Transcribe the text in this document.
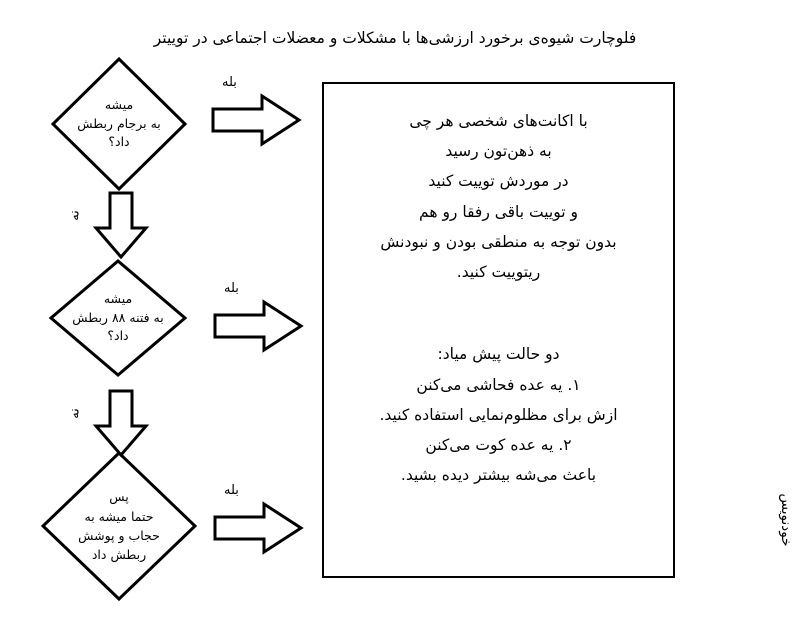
فلوچارت شیوه‌ی برخورد ارزشی‌ها با مشکلات و معضلات اجتماعی در توییتر
میشه
به برجام ربطش
داد؟
میشه
به فتنه ۸۸ ربطش
داد؟
پس
حتما میشه به
حجاب و پوشش
ربطش داد
بله
بله
بله
نه
نه
با اکانت‌های شخصی هر چی
به ذهن‌تون رسید
در موردش توییت کنید
و توییت باقی رفقا رو هم
بدون توجه به منطقی بودن و نبودنش
ریتوییت کنید.
دو حالت پیش میاد:
۱. یه عده فحاشی می‌کنن
ازش برای مظلوم‌نمایی استفاده کنید.
۲. یه عده کوت می‌کنن
باعث می‌شه بیشتر دیده بشید.
خودنویس
